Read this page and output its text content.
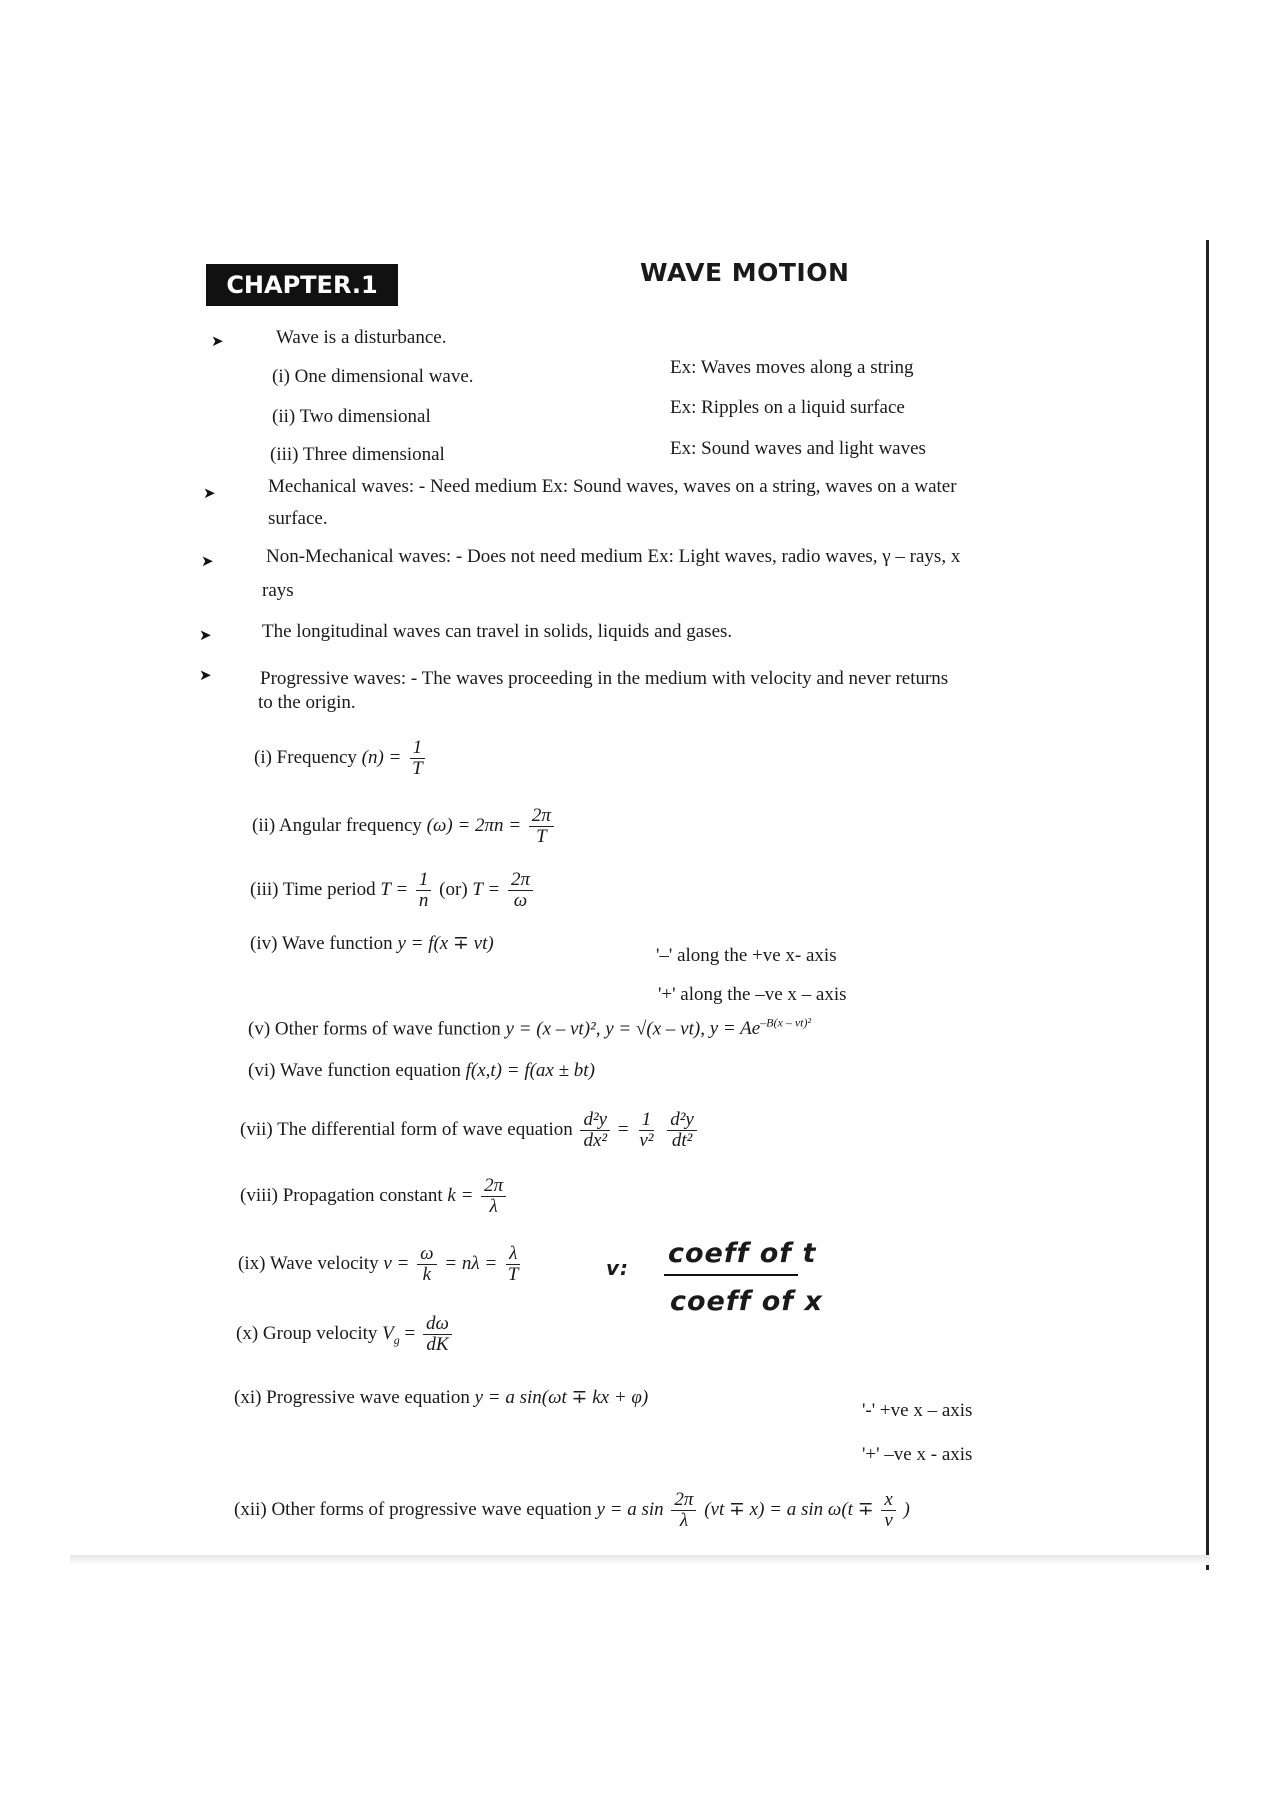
CHAPTER.1	WAVE MOTION
➤	Wave is a disturbance.
(i) One dimensional wave.	Ex: Waves moves along a string
(ii) Two dimensional	Ex: Ripples on a liquid surface
(iii) Three dimensional	Ex: Sound waves and light waves
➤	Mechanical waves: - Need medium Ex: Sound waves, waves on a string, waves on a water
surface.
➤	Non-Mechanical waves: - Does not need medium Ex: Light waves, radio waves, γ – rays, x
rays
➤	The longitudinal waves can travel in solids, liquids and gases.
➤	Progressive waves: - The waves proceeding in the medium with velocity and never returns
to the origin.
(i) Frequency $(n) = \frac{1}{T}$
(ii) Angular frequency $(\omega) = 2\pi n = \frac{2\pi}{T}$
(iii) Time period $T = \frac{1}{n} (or) T = \frac{2\pi}{\omega}$
(iv) Wave function y = f(x ∓ vt)
'–' along the +ve x- axis
'+' along the –ve x – axis
(v) Other forms of wave function y = (x – vt)², y = √(x – vt), $y = Ae^{-B(x - vt)^2}$
(vi) Wave function equation f(x,t) = f(ax ± bt)
(vii) The differential form of wave equation $\frac{\text{d²y}}{\text{dx²}} = \frac{1}{\text{v²}}$
$\frac{\text{d²y}}{\text{dt²}}$
(viii) Propagation constant $k = \frac{2\pi}{\lambda}$
(ix) Wave velocity $v = \frac{\omega}{k} = n\lambda = \frac{\lambda}{T}$	v: coeff of t
coeff of x
(x) Group velocity $V_g = \frac{d\omega}{dK}$
(xi) Progressive wave equation y = a sin(ωt ∓ kx + φ)
'-' +ve x – axis
'+' –ve x - axis
(xii) Other forms of progressive wave equation y = a $\sin \frac{2\pi}{\lambda} (vt \mp x) = a$ $\sin \omega(t \mp \frac{x}{v}$ )
